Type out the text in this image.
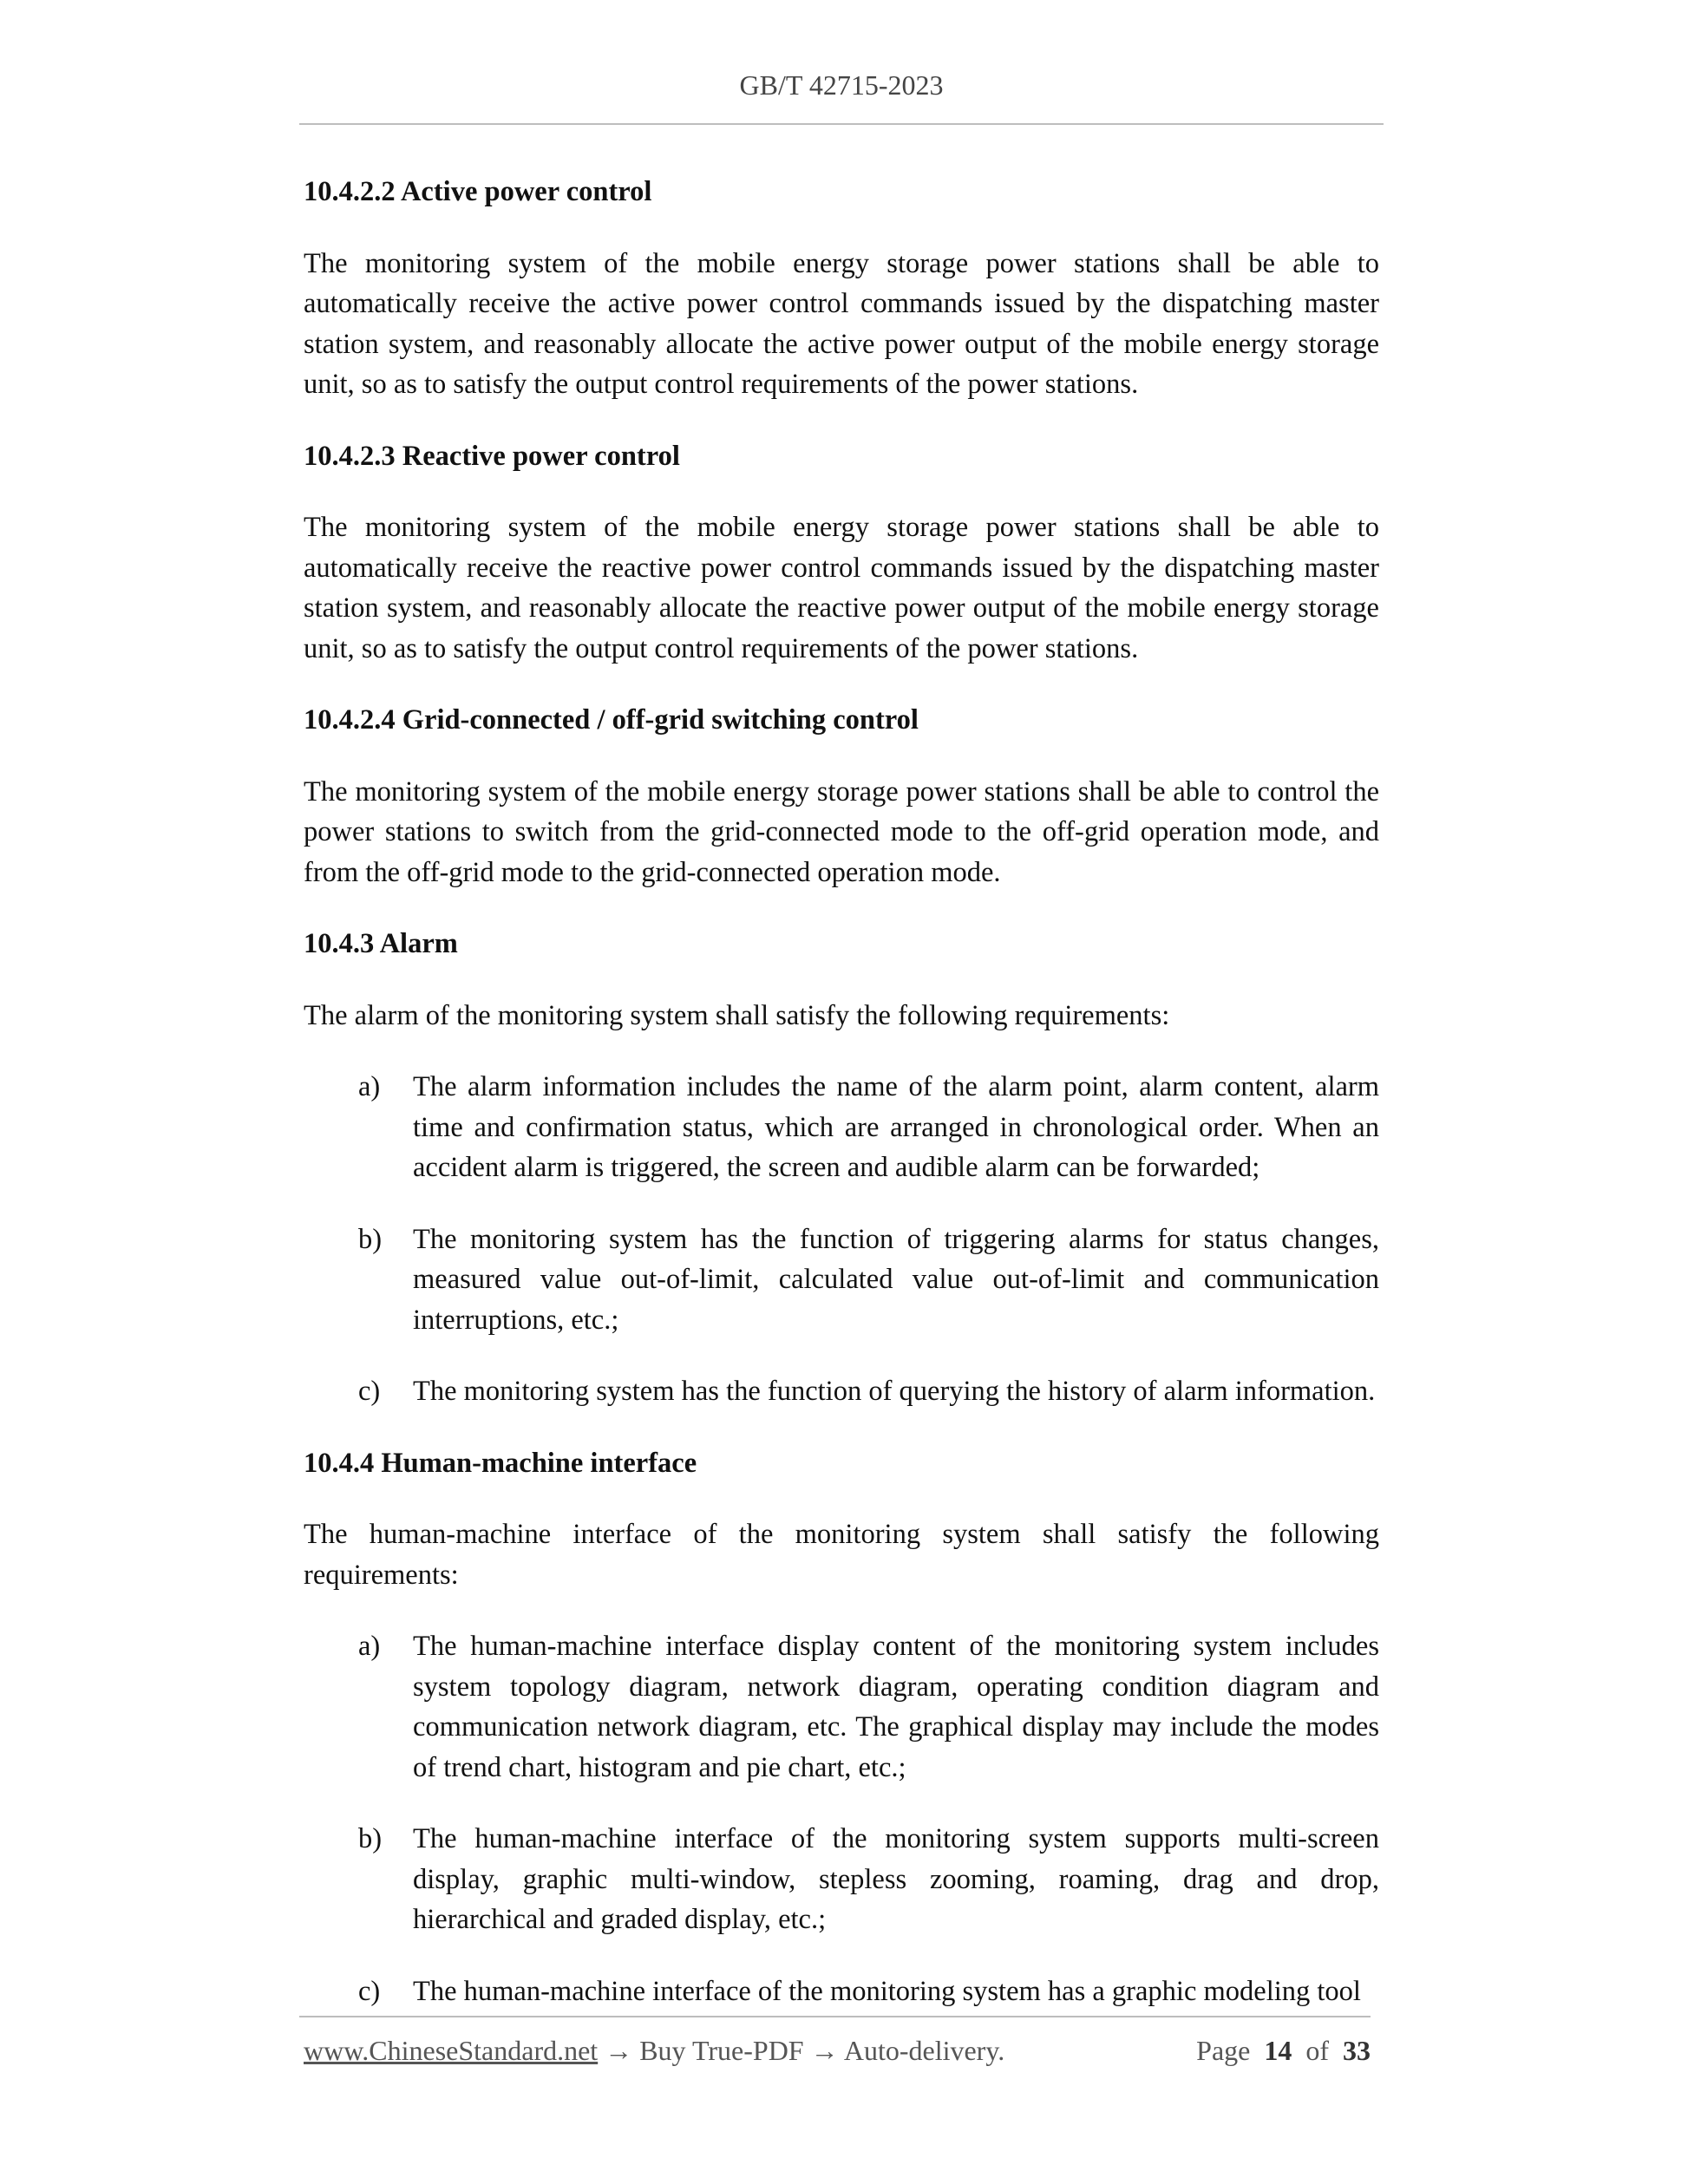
GB/T 42715-2023
10.4.2.2 Active power control
The monitoring system of the mobile energy storage power stations shall be able to automatically receive the active power control commands issued by the dispatching master station system, and reasonably allocate the active power output of the mobile energy storage unit, so as to satisfy the output control requirements of the power stations.
10.4.2.3 Reactive power control
The monitoring system of the mobile energy storage power stations shall be able to automatically receive the reactive power control commands issued by the dispatching master station system, and reasonably allocate the reactive power output of the mobile energy storage unit, so as to satisfy the output control requirements of the power stations.
10.4.2.4 Grid-connected / off-grid switching control
The monitoring system of the mobile energy storage power stations shall be able to control the power stations to switch from the grid-connected mode to the off-grid operation mode, and from the off-grid mode to the grid-connected operation mode.
10.4.3 Alarm
The alarm of the monitoring system shall satisfy the following requirements:
a)	The alarm information includes the name of the alarm point, alarm content, alarm time and confirmation status, which are arranged in chronological order. When an accident alarm is triggered, the screen and audible alarm can be forwarded;
b)	The monitoring system has the function of triggering alarms for status changes, measured value out-of-limit, calculated value out-of-limit and communication interruptions, etc.;
c)	The monitoring system has the function of querying the history of alarm information.
10.4.4 Human-machine interface
The human-machine interface of the monitoring system shall satisfy the following requirements:
a)	The human-machine interface display content of the monitoring system includes system topology diagram, network diagram, operating condition diagram and communication network diagram, etc. The graphical display may include the modes of trend chart, histogram and pie chart, etc.;
b)	The human-machine interface of the monitoring system supports multi-screen display, graphic multi-window, stepless zooming, roaming, drag and drop, hierarchical and graded display, etc.;
c)	The human-machine interface of the monitoring system has a graphic modeling tool
www.ChineseStandard.net → Buy True-PDF → Auto-delivery.	Page 14 of 33
